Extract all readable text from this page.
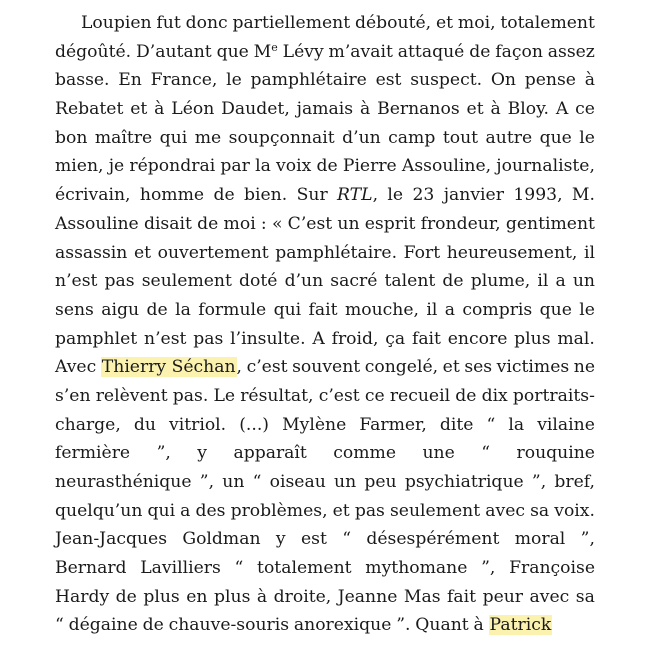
Loupien fut donc partiellement débouté, et moi, totalement
dégoûté. D’autant que Me Lévy m’avait attaqué de façon assez
basse. En France, le pamphlétaire est suspect. On pense à
Rebatet et à Léon Daudet, jamais à Bernanos et à Bloy. A ce
bon maître qui me soupçonnait d’un camp tout autre que le
mien, je répondrai par la voix de Pierre Assouline, journaliste,
écrivain, homme de bien. Sur RTL, le 23 janvier 1993, M.
Assouline disait de moi : « C’est un esprit frondeur, gentiment
assassin et ouvertement pamphlétaire. Fort heureusement, il
n’est pas seulement doté d’un sacré talent de plume, il a un
sens aigu de la formule qui fait mouche, il a compris que le
pamphlet n’est pas l’insulte. A froid, ça fait encore plus mal.
Avec Thierry Séchan, c’est souvent congelé, et ses victimes ne
s’en relèvent pas. Le résultat, c’est ce recueil de dix portraits-
charge, du vitriol. (...) Mylène Farmer, dite “ la vilaine
fermière ”, y apparaît comme une “ rouquine
neurasthénique ”, un “ oiseau un peu psychiatrique ”, bref,
quelqu’un qui a des problèmes, et pas seulement avec sa voix.
Jean-Jacques Goldman y est “ désespérément moral ”,
Bernard Lavilliers “ totalement mythomane ”, Françoise
Hardy de plus en plus à droite, Jeanne Mas fait peur avec sa
“ dégaine de chauve-souris anorexique ”. Quant à Patrick
